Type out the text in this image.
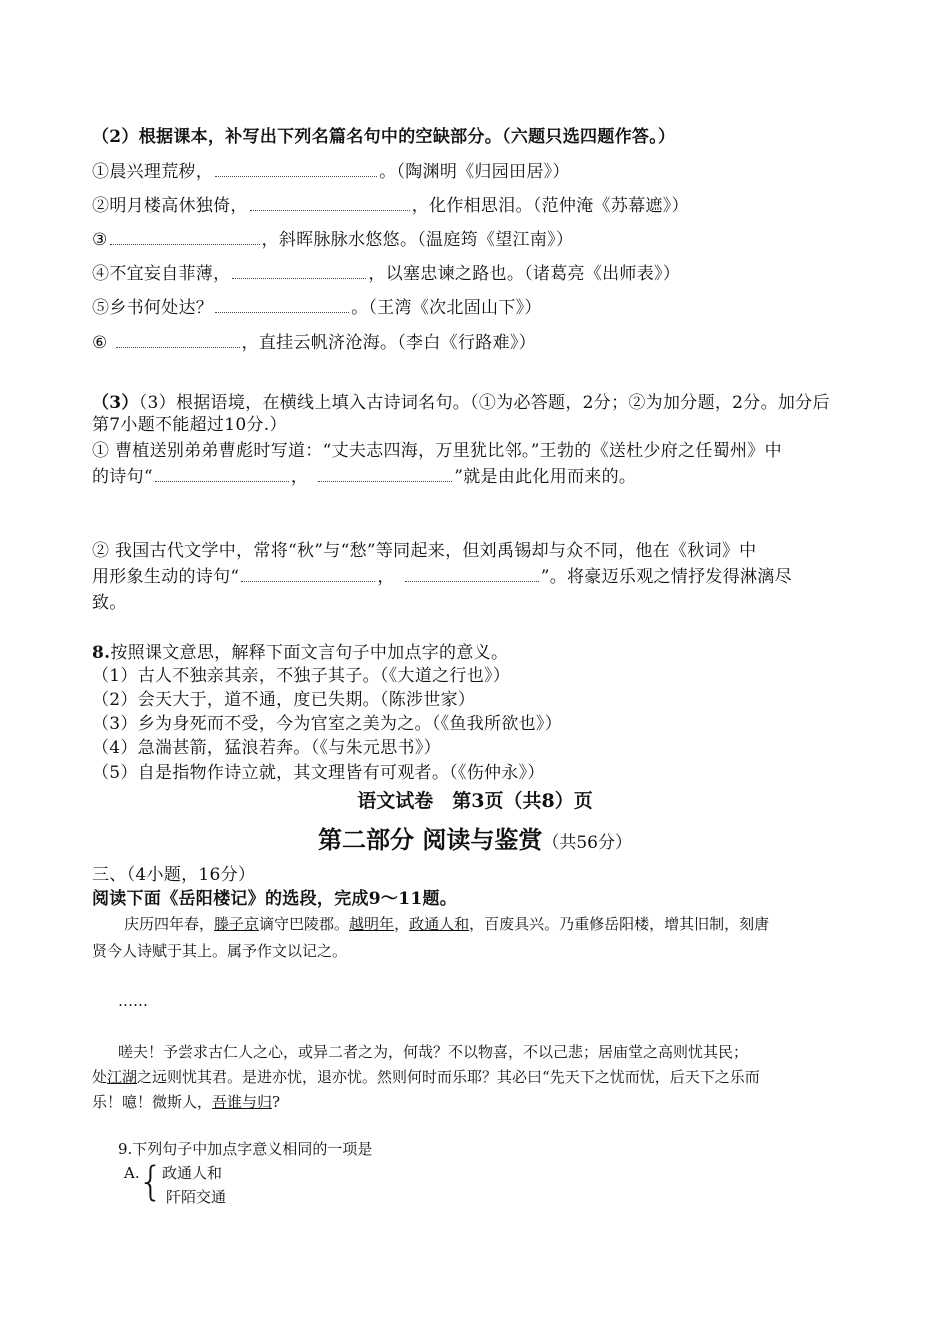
（2）根据课本，补写出下列名篇名句中的空缺部分。（六题只选四题作答。）
①晨兴理荒秽，	。（陶渊明《归园田居》）
②明月楼高休独倚，	，化作相思泪。（范仲淹《苏幕遮》）
③	，斜晖脉脉水悠悠。（温庭筠《望江南》）
④不宜妄自菲薄，	，以塞忠谏之路也。（诸葛亮《出师表》）
⑤乡书何处达？	。（王湾《次北固山下》）
⑥	，直挂云帆济沧海。（李白《行路难》）
（3）（3）根据语境，在横线上填入古诗词名句。（①为必答题，2分；②为加分题，2分。加分后
第7小题不能超过10分.）
① 曹植送别弟弟曹彪时写道：“丈夫志四海，万里犹比邻。”王勃的《送杜少府之任蜀州》中
的诗句“	，	”就是由此化用而来的。
② 我国古代文学中，常将“秋”与“愁”等同起来，但刘禹锡却与众不同，他在《秋词》中
用形象生动的诗句“	，	”。将豪迈乐观之情抒发得淋漓尽
致。
8.按照课文意思，解释下面文言句子中加点字的意义。
（1）古人不独亲其亲，不独子其子。（《大道之行也》）
（2）会天大于，道不通，度已失期。（陈涉世家）
（3）乡为身死而不受，今为官室之美为之。（《鱼我所欲也》）
（4）急湍甚箭，猛浪若奔。（《与朱元思书》）
（5）自是指物作诗立就，其文理皆有可观者。（《伤仲永》）
语文试卷　第3页（共8）页
第二部分 阅读与鉴赏（共56分）
三、（4小题，16分）
阅读下面《岳阳楼记》的选段，完成9～11题。
庆历四年春，滕子京谪守巴陵郡。越明年，政通人和，百废具兴。乃重修岳阳楼，增其旧制，刻唐
贤今人诗赋于其上。属予作文以记之。
……
嗟夫！予尝求古仁人之心，或异二者之为，何哉？不以物喜，不以己悲；居庙堂之高则忧其民；
处江湖之远则忧其君。是进亦忧，退亦忧。然则何时而乐耶？其必曰“先天下之忧而忧，后天下之乐而
乐！噫！微斯人，吾谁与归?
9.下列句子中加点字意义相同的一项是
A.
{
政通人和
阡陌交通
